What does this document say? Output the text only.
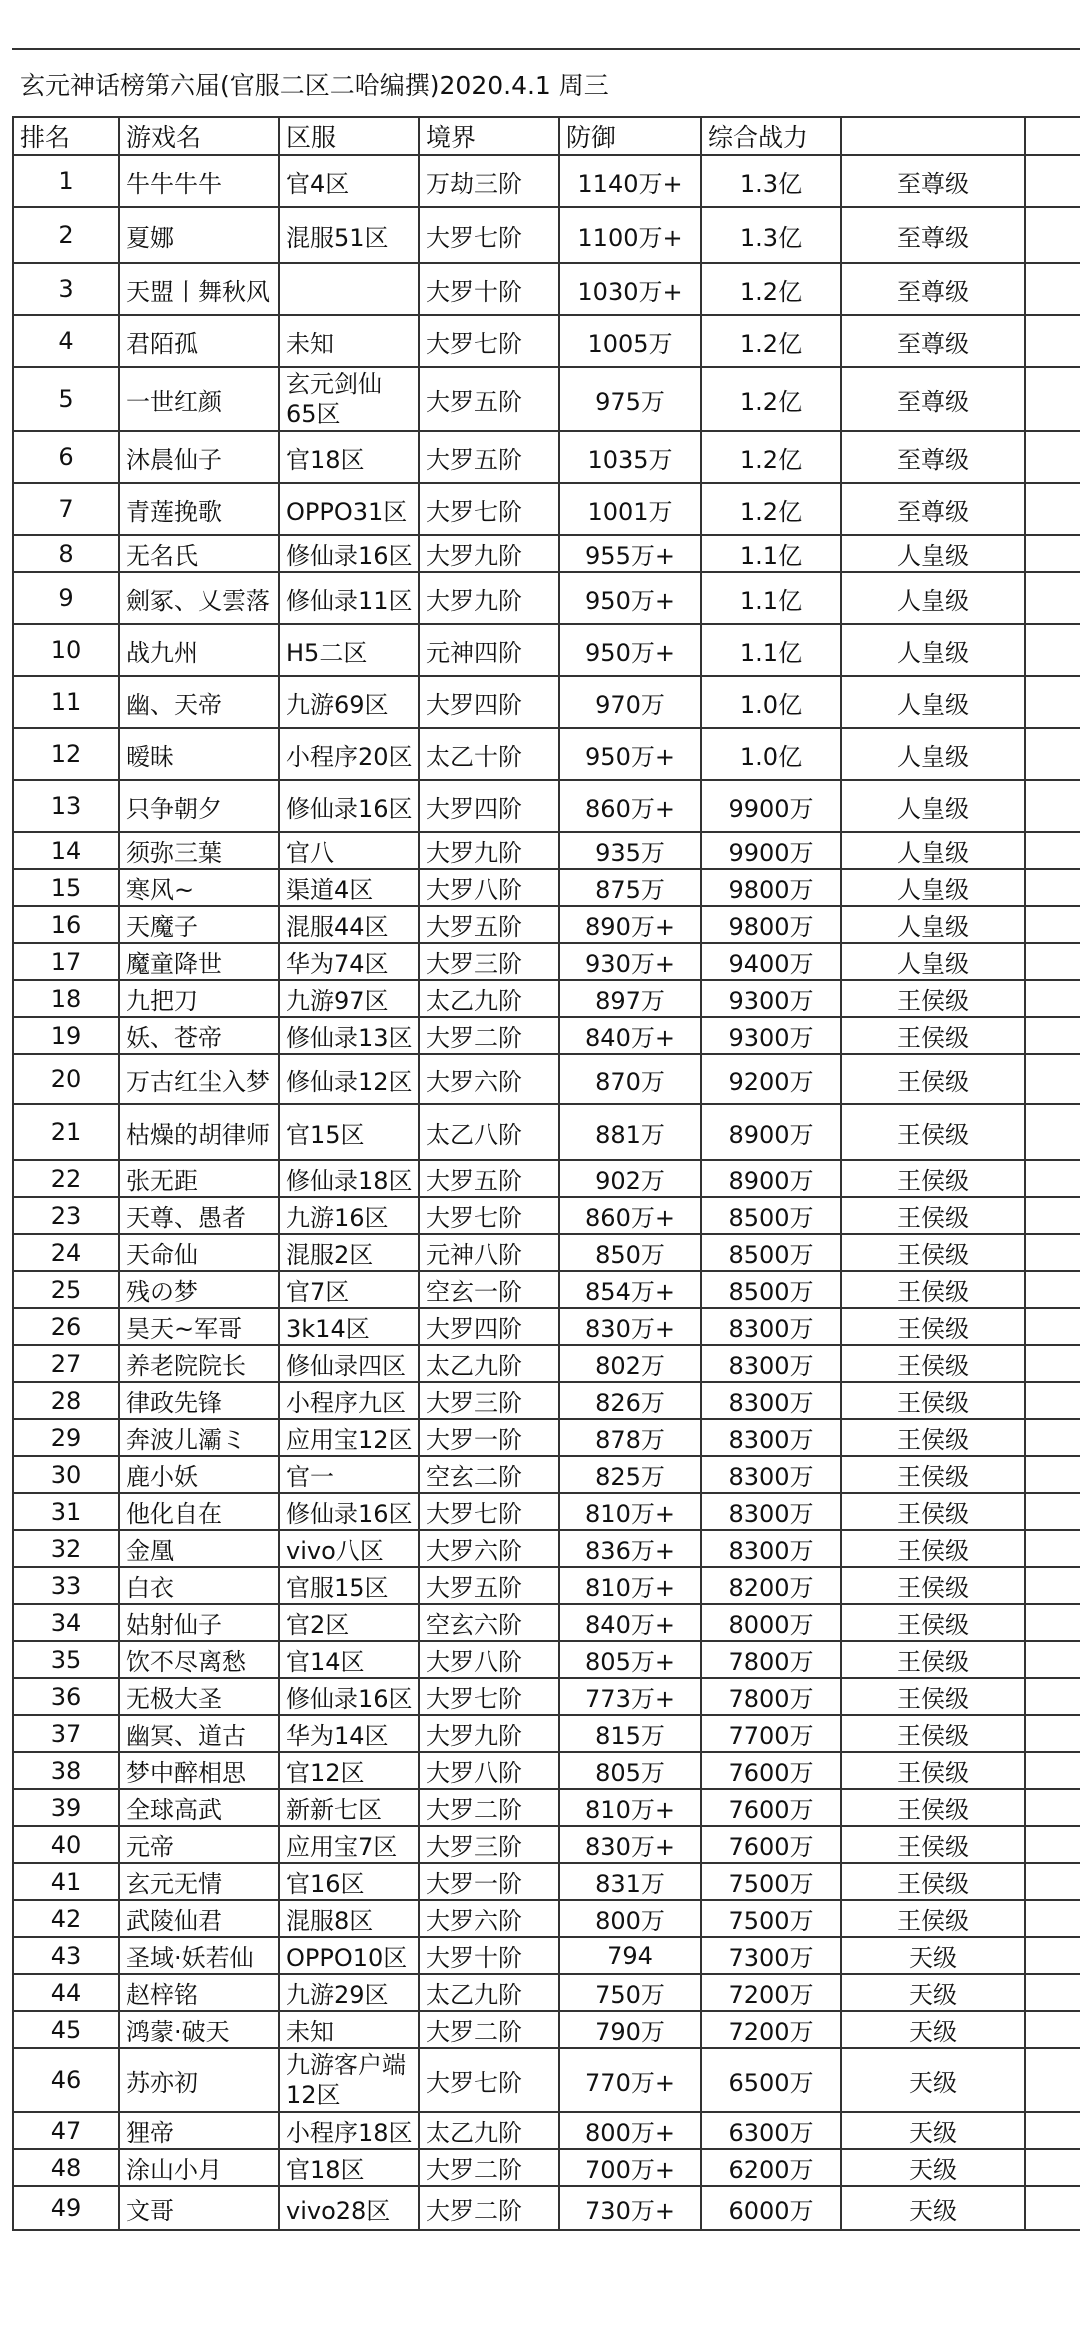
玄元神话榜第六届(官服二区二哈编撰)2020.4.1 周三
排名	游戏名	区服	境界	防御	综合战力		
1	牛牛牛牛	官4区	万劫三阶	1140万+	1.3亿	至尊级	
2	夏娜	混服51区	大罗七阶	1100万+	1.3亿	至尊级	
3	天盟丨舞秋风		大罗十阶	1030万+	1.2亿	至尊级	
4	君陌孤	未知	大罗七阶	1005万	1.2亿	至尊级	
5	一世红颜	玄元剑仙65区	大罗五阶	975万	1.2亿	至尊级	
6	沐晨仙子	官18区	大罗五阶	1035万	1.2亿	至尊级	
7	青莲挽歌	OPPO31区	大罗七阶	1001万	1.2亿	至尊级	
8	无名氏	修仙录16区	大罗九阶	955万+	1.1亿	人皇级	
9	劍冢、乂雲落	修仙录11区	大罗九阶	950万+	1.1亿	人皇级	
10	战九州	H5二区	元神四阶	950万+	1.1亿	人皇级	
11	幽、天帝	九游69区	大罗四阶	970万	1.0亿	人皇级	
12	暧昧	小程序20区	太乙十阶	950万+	1.0亿	人皇级	
13	只争朝夕	修仙录16区	大罗四阶	860万+	9900万	人皇级	
14	须弥三葉	官八	大罗九阶	935万	9900万	人皇级	
15	寒风~	渠道4区	大罗八阶	875万	9800万	人皇级	
16	天魔子	混服44区	大罗五阶	890万+	9800万	人皇级	
17	魔童降世	华为74区	大罗三阶	930万+	9400万	人皇级	
18	九把刀	九游97区	太乙九阶	897万	9300万	王侯级	
19	妖、苍帝	修仙录13区	大罗二阶	840万+	9300万	王侯级	
20	万古红尘入梦	修仙录12区	大罗六阶	870万	9200万	王侯级	
21	枯燥的胡律师	官15区	太乙八阶	881万	8900万	王侯级	
22	张无距	修仙录18区	大罗五阶	902万	8900万	王侯级	
23	天尊、愚者	九游16区	大罗七阶	860万+	8500万	王侯级	
24	天命仙	混服2区	元神八阶	850万	8500万	王侯级	
25	残の梦	官7区	空玄一阶	854万+	8500万	王侯级	
26	昊天~军哥	3k14区	大罗四阶	830万+	8300万	王侯级	
27	养老院院长	修仙录四区	太乙九阶	802万	8300万	王侯级	
28	律政先锋	小程序九区	大罗三阶	826万	8300万	王侯级	
29	奔波儿灞ミ	应用宝12区	大罗一阶	878万	8300万	王侯级	
30	鹿小妖	官一	空玄二阶	825万	8300万	王侯级	
31	他化自在	修仙录16区	大罗七阶	810万+	8300万	王侯级	
32	金凰	vivo八区	大罗六阶	836万+	8300万	王侯级	
33	白衣	官服15区	大罗五阶	810万+	8200万	王侯级	
34	姑射仙子	官2区	空玄六阶	840万+	8000万	王侯级	
35	饮不尽离愁	官14区	大罗八阶	805万+	7800万	王侯级	
36	无极大圣	修仙录16区	大罗七阶	773万+	7800万	王侯级	
37	幽冥、道古	华为14区	大罗九阶	815万	7700万	王侯级	
38	梦中醉相思	官12区	大罗八阶	805万	7600万	王侯级	
39	全球高武	新新七区	大罗二阶	810万+	7600万	王侯级	
40	元帝	应用宝7区	大罗三阶	830万+	7600万	王侯级	
41	玄元无情	官16区	大罗一阶	831万	7500万	王侯级	
42	武陵仙君	混服8区	大罗六阶	800万	7500万	王侯级	
43	圣域·妖若仙	OPPO10区	大罗十阶	794	7300万	天级	
44	赵梓铭	九游29区	太乙九阶	750万	7200万	天级	
45	鸿蒙·破天	未知	大罗二阶	790万	7200万	天级	
46	苏亦初	九游客户端12区	大罗七阶	770万+	6500万	天级	
47	狸帝	小程序18区	太乙九阶	800万+	6300万	天级	
48	涂山小月	官18区	大罗二阶	700万+	6200万	天级	
49	文哥	vivo28区	大罗二阶	730万+	6000万	天级	
